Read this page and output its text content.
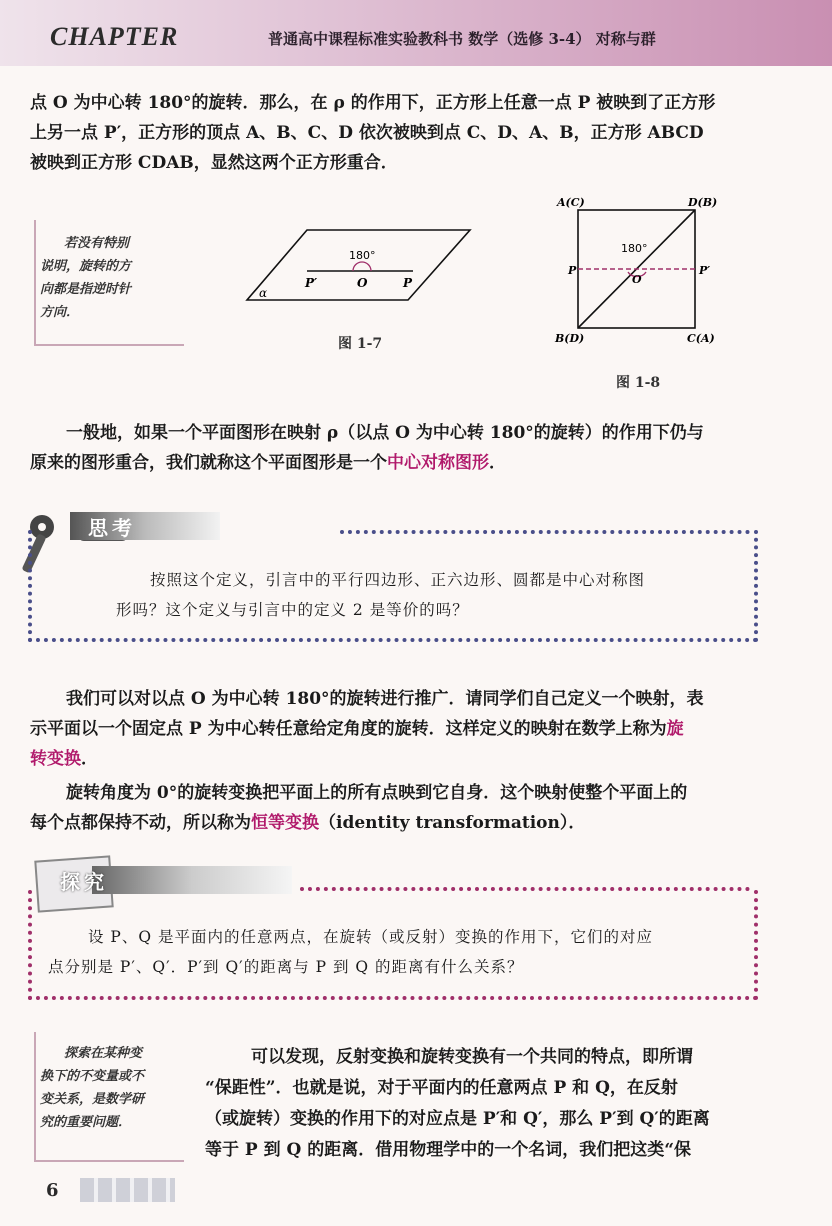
CHAPTER	普通高中课程标准实验教科书 数学（选修 3-4） 对称与群
点 O 为中心转 180°的旋转．那么，在 ρ 的作用下，正方形上任意一点 P 被映到了正方形
上另一点 P′，正方形的顶点 A、B、C、D 依次被映到点 C、D、A、B，正方形 ABCD
被映到正方形 CDAB，显然这两个正方形重合．
若没有特别
说明，旋转的方
向都是指逆时针
方向．
180°
α
P′	O	P
图 1-7
A(C)	D(B)
180°
O
P	P′
B(D)	C(A)
图 1-8
一般地，如果一个平面图形在映射 ρ（以点 O 为中心转 180°的旋转）的作用下仍与
原来的图形重合，我们就称这个平面图形是一个中心对称图形．
思考
按照这个定义，引言中的平行四边形、正六边形、圆都是中心对称图
形吗？这个定义与引言中的定义 2 是等价的吗？
我们可以对以点 O 为中心转 180°的旋转进行推广．请同学们自己定义一个映射，表
示平面以一个固定点 P 为中心转任意给定角度的旋转．这样定义的映射在数学上称为旋
转变换．
旋转角度为 0°的旋转变换把平面上的所有点映到它自身．这个映射使整个平面上的
每个点都保持不动，所以称为恒等变换（identity transformation）．
探究
设 P、Q 是平面内的任意两点，在旋转（或反射）变换的作用下，它们的对应
点分别是 P′、Q′．P′到 Q′的距离与 P 到 Q 的距离有什么关系？
探索在某种变
换下的不变量或不
变关系，是数学研
究的重要问题．
可以发现，反射变换和旋转变换有一个共同的特点，即所谓
“保距性”．也就是说，对于平面内的任意两点 P 和 Q，在反射
（或旋转）变换的作用下的对应点是 P′和 Q′，那么 P′到 Q′的距离
等于 P 到 Q 的距离．借用物理学中的一个名词，我们把这类“保
6
